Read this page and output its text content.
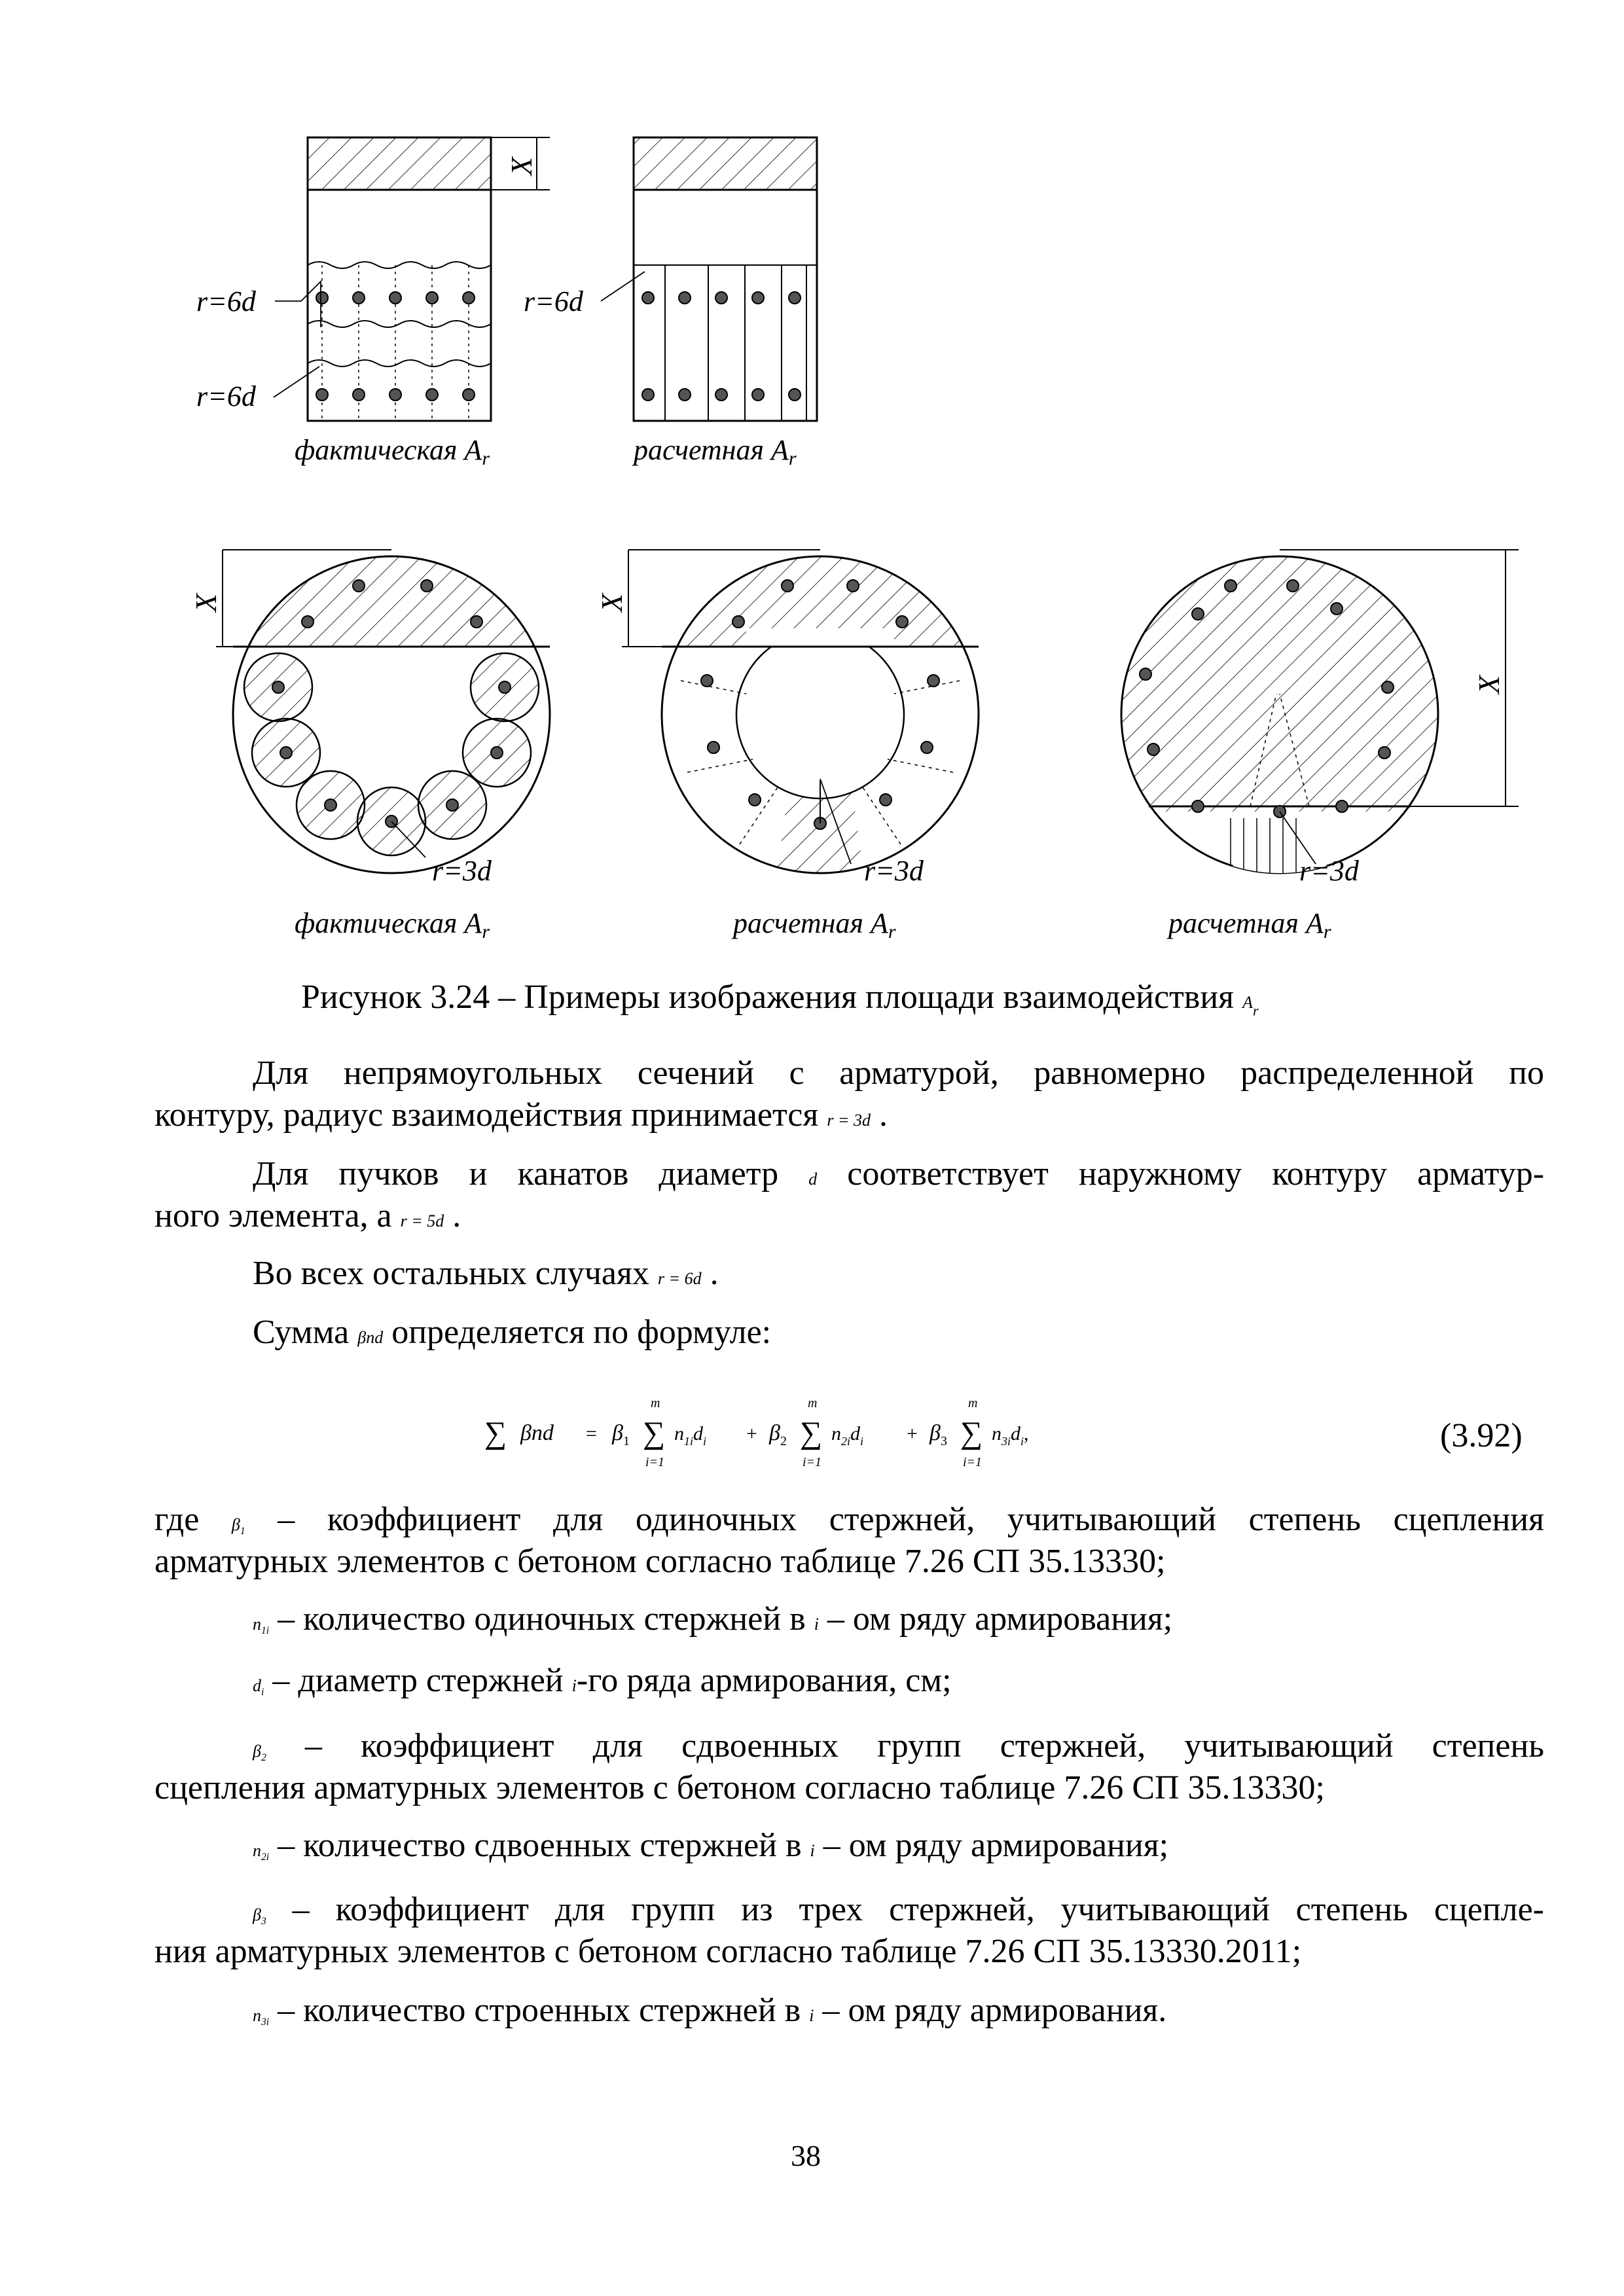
X
r=6d
r=6d
r=6d
фактическая Ar	расчетная Ar
X
r=3d
X
r=3d
X
r=3d
фактическая Ar	расчетная Ar	расчетная Ar
Рисунок 3.24 – Примеры изображения площади взаимодействия $A_r$
Для непрямоугольных сечений с арматурой, равномерно распределенной по
контуру, радиус взаимодействия принимается r = 3d .
Для пучков и канатов диаметр d соответствует наружному контуру арматур-
ного элемента, а r = 5d .
Во всех остальных случаях r = 6d .
Сумма βnd определяется по формуле:
∑ $\beta nd = \beta_1$ ∑
m
i=1
$n_{1i}d_i + \beta_2$ ∑
m
i=1
$n_{2i}d_i + \beta_3$ ∑
m
i=1
$n_{3i}d_i$,	(3.92)
где $\beta_1$ – коэффициент для одиночных стержней, учитывающий степень сцепления
арматурных элементов с бетоном согласно таблице 7.26 СП 35.13330;
$n_{1i}$ – количество одиночных стержней в i – ом ряду армирования;
$d_i$ – диаметр стержней i-го ряда армирования, см;
$\beta_2$ – коэффициент для сдвоенных групп стержней, учитывающий степень
сцепления арматурных элементов с бетоном согласно таблице 7.26 СП 35.13330;
$n_{2i}$ – количество сдвоенных стержней в i – ом ряду армирования;
$\beta_3$ – коэффициент для групп из трех стержней, учитывающий степень сцепле-
ния арматурных элементов с бетоном согласно таблице 7.26 СП 35.13330.2011;
$n_{3i}$ – количество строенных стержней в i – ом ряду армирования.
38
